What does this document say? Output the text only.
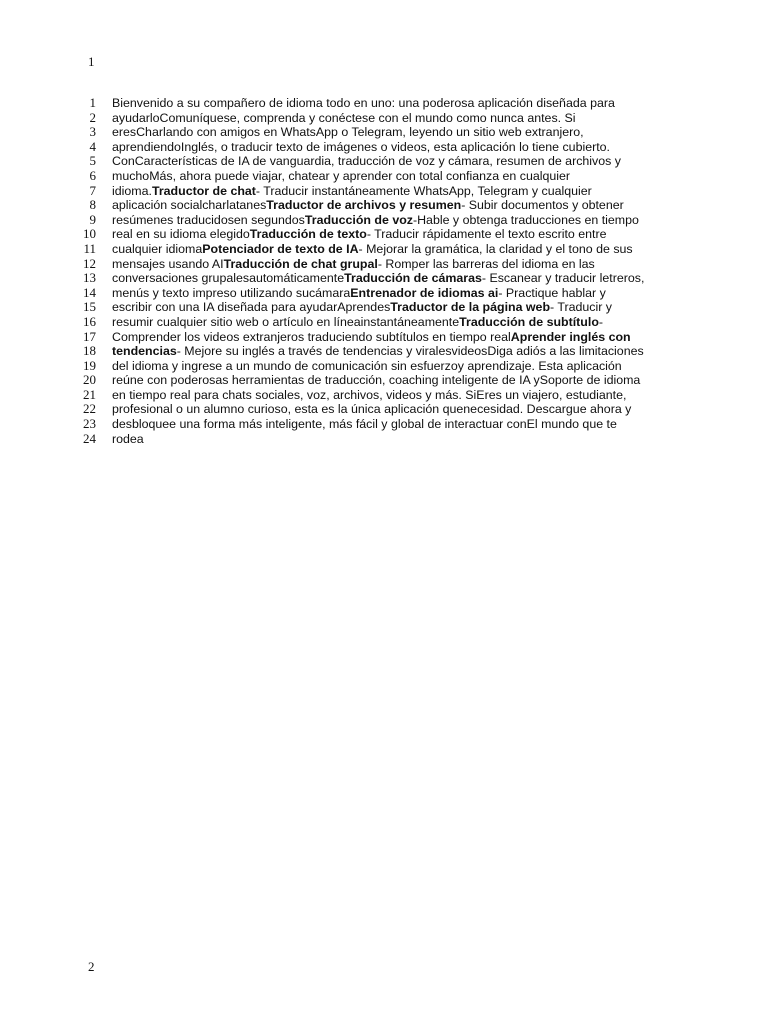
1
1 Bienvenido a su compañero de idioma todo en uno: una poderosa aplicación diseñada para
2 ayudarloComuníquese, comprenda y conéctese con el mundo como nunca antes. Si
3 eresCharlando con amigos en WhatsApp o Telegram, leyendo un sitio web extranjero,
4 aprendiendoInglés, o traducir texto de imágenes o videos, esta aplicación lo tiene cubierto.
5 ConCaracterísticas de IA de vanguardia, traducción de voz y cámara, resumen de archivos y
6 muchoMás, ahora puede viajar, chatear y aprender con total confianza en cualquier
7 idioma.Traductor de chat- Traducir instantáneamente WhatsApp, Telegram y cualquier
8 aplicación socialcharlatanesTraductor de archivos y resumen- Subir documentos y obtener
9 resúmenes traducidosen segundosTraducción de voz-Hable y obtenga traducciones en tiempo
10 real en su idioma elegidoTraducción de texto- Traducir rápidamente el texto escrito entre
11 cualquier idiomaPotenciador de texto de IA- Mejorar la gramática, la claridad y el tono de sus
12 mensajes usando AITraducción de chat grupal- Romper las barreras del idioma en las
13 conversaciones grupalesautomáticamenteTraducción de cámaras- Escanear y traducir letreros,
14 menús y texto impreso utilizando sucámaraEntrenador de idiomas ai- Practique hablar y
15 escribir con una IA diseñada para ayudarAprendesTraductor de la página web- Traducir y
16 resumir cualquier sitio web o artículo en líneainstantáneamenteTraducción de subtítulo-
17 Comprender los videos extranjeros traduciendo subtítulos en tiempo realAprender inglés con
18 tendencias- Mejore su inglés a través de tendencias y viralesvideosDiga adiós a las limitaciones
19 del idioma y ingrese a un mundo de comunicación sin esfuerzoy aprendizaje. Esta aplicación
20 reúne con poderosas herramientas de traducción, coaching inteligente de IA ySoporte de idioma
21 en tiempo real para chats sociales, voz, archivos, videos y más. SiEres un viajero, estudiante,
22 profesional o un alumno curioso, esta es la única aplicación quenecesidad. Descargue ahora y
23 desbloquee una forma más inteligente, más fácil y global de interactuar conEl mundo que te
24 rodea
2
